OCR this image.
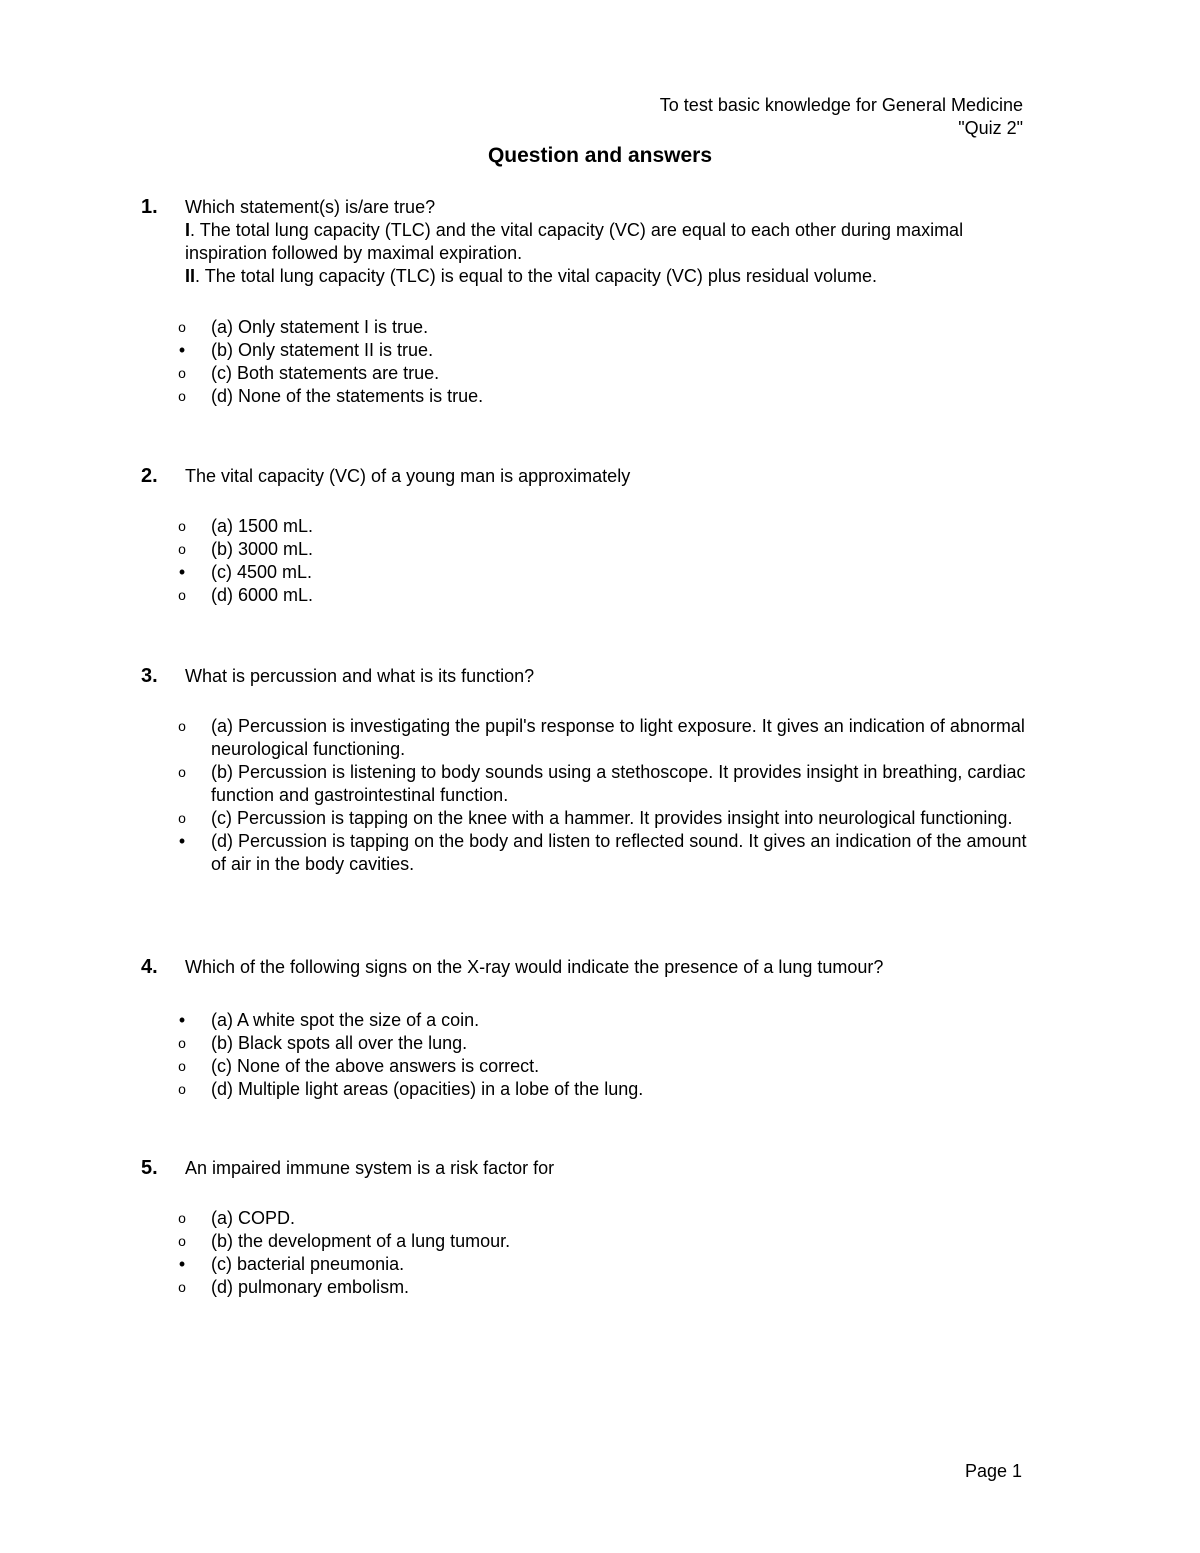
To test basic knowledge for General Medicine
"Quiz 2"
Question and answers
1. Which statement(s) is/are true?
I. The total lung capacity (TLC) and the vital capacity (VC) are equal to each other during maximal inspiration followed by maximal expiration.
II. The total lung capacity (TLC) is equal to the vital capacity (VC) plus residual volume.
o (a) Only statement I is true.
• (b) Only statement II is true.
o (c) Both statements are true.
o (d) None of the statements is true.
2. The vital capacity (VC) of a young man is approximately
o (a) 1500 mL.
o (b) 3000 mL.
• (c) 4500 mL.
o (d) 6000 mL.
3. What is percussion and what is its function?
o (a) Percussion is investigating the pupil's response to light exposure. It gives an indication of abnormal neurological functioning.
o (b) Percussion is listening to body sounds using a stethoscope. It provides insight in breathing, cardiac function and gastrointestinal function.
o (c) Percussion is tapping on the knee with a hammer. It provides insight into neurological functioning.
• (d) Percussion is tapping on the body and listen to reflected sound. It gives an indication of the amount of air in the body cavities.
4. Which of the following signs on the X-ray would indicate the presence of a lung tumour?
• (a) A white spot the size of a coin.
o (b) Black spots all over the lung.
o (c) None of the above answers is correct.
o (d) Multiple light areas (opacities) in a lobe of the lung.
5. An impaired immune system is a risk factor for
o (a) COPD.
o (b) the development of a lung tumour.
• (c) bacterial pneumonia.
o (d) pulmonary embolism.
Page 1
